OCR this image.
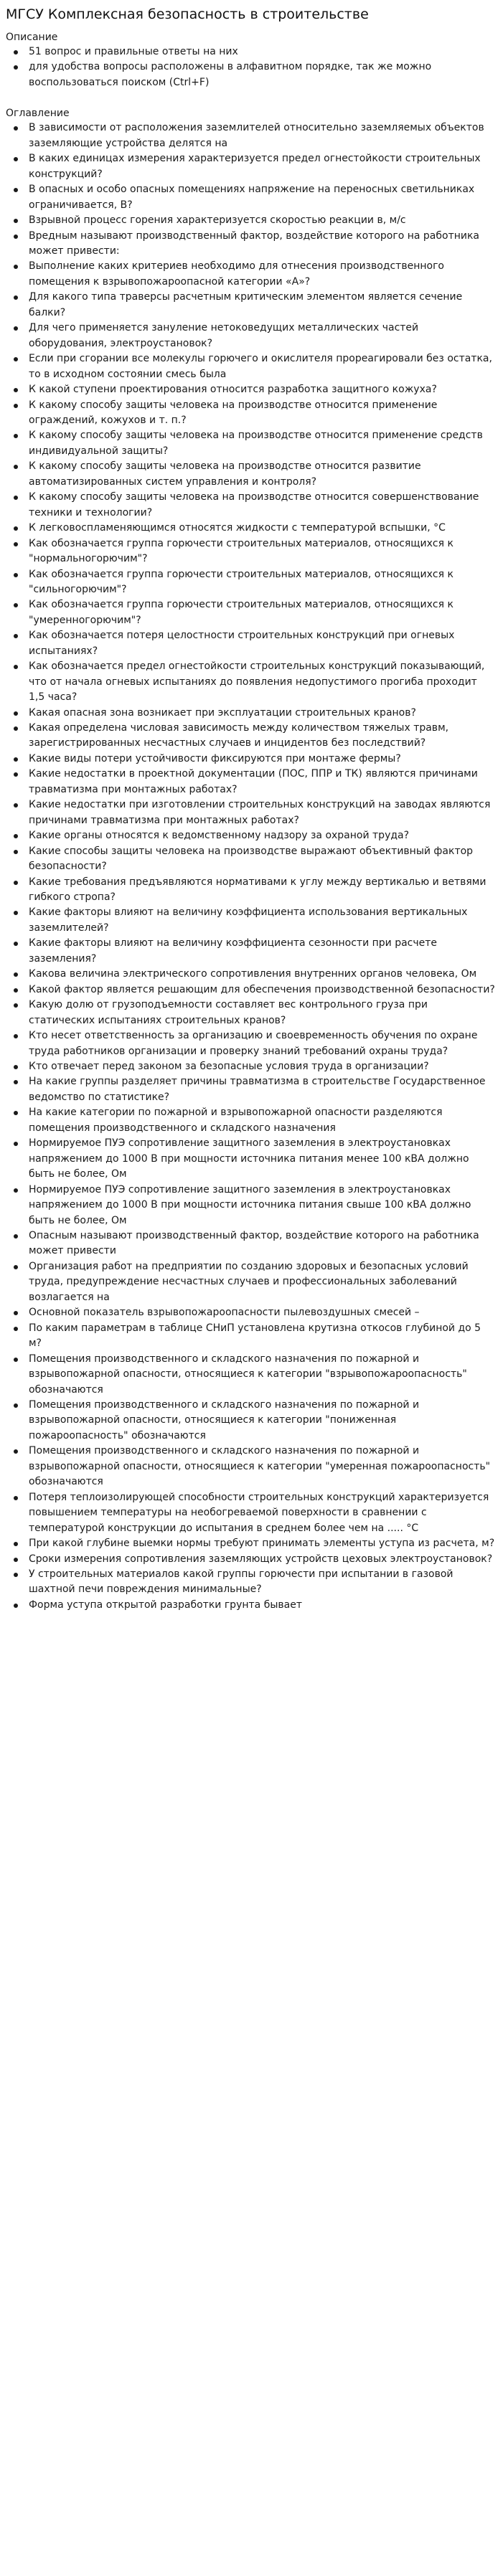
МГСУ Комплексная безопасность в строительстве

Описание

51 вопрос и правильные ответы на них
для удобства вопросы расположены в алфавитном порядке, так же можно воспользоваться поиском (Ctrl+F)

Оглавление

В зависимости от расположения заземлителей относительно заземляемых объектов заземляющие устройства делятся на
В каких единицах измерения характеризуется предел огнестойкости строительных конструкций?
В опасных и особо опасных помещениях напряжение на переносных светильниках ограничивается, В?
Взрывной процесс горения характеризуется скоростью реакции в, м/с
Вредным называют производственный фактор, воздействие которого на работника может привести:
Выполнение каких критериев необходимо для отнесения производственного помещения к взрывопожароопасной категории «А»?
Для какого типа траверсы расчетным критическим элементом является сечение балки?
Для чего применяется зануление нетоковедущих металлических частей оборудования, электроустановок?
Если при сгорании все молекулы горючего и окислителя прореагировали без остатка, то в исходном состоянии смесь была
К какой ступени проектирования относится разработка защитного кожуха?
К какому способу защиты человека на производстве относится применение ограждений, кожухов и т. п.?
К какому способу защиты человека на производстве относится применение средств индивидуальной защиты?
К какому способу защиты человека на производстве относится развитие автоматизированных систем управления и контроля?
К какому способу защиты человека на производстве относится совершенствование техники и технологии?
К легковоспламеняющимся относятся жидкости с температурой вспышки, °С
Как обозначается группа горючести строительных материалов, относящихся к "нормальногорючим"?
Как обозначается группа горючести строительных материалов, относящихся к "сильногорючим"?
Как обозначается группа горючести строительных материалов, относящихся к "умеренногорючим"?
Как обозначается потеря целостности строительных конструкций при огневых испытаниях?
Как обозначается предел огнестойкости строительных конструкций показывающий, что от начала огневых испытаниях до появления недопустимого прогиба проходит 1,5 часа?
Какая опасная зона возникает при эксплуатации строительных кранов?
Какая определена числовая зависимость между количеством тяжелых травм, зарегистрированных несчастных случаев и инцидентов без последствий?
Какие виды потери устойчивости фиксируются при монтаже фермы?
Какие недостатки в проектной документации (ПОС, ППР и ТК) являются причинами травматизма при монтажных работах?
Какие недостатки при изготовлении строительных конструкций на заводах являются причинами травматизма при монтажных работах?
Какие органы относятся к ведомственному надзору за охраной труда?
Какие способы защиты человека на производстве выражают объективный фактор безопасности?
Какие требования предъявляются нормативами к углу между вертикалью и ветвями гибкого стропа?
Какие факторы влияют на величину коэффициента использования вертикальных заземлителей?
Какие факторы влияют на величину коэффициента сезонности при расчете заземления?
Какова величина электрического сопротивления внутренних органов человека, Ом
Какой фактор является решающим для обеспечения производственной безопасности?
Какую долю от грузоподъемности составляет вес контрольного груза при статических испытаниях строительных кранов?
Кто несет ответственность за организацию и своевременность обучения по охране труда работников организации и проверку знаний требований охраны труда?
Кто отвечает перед законом за безопасные условия труда в организации?
На какие группы разделяет причины травматизма в строительстве Государственное ведомство по статистике?
На какие категории по пожарной и взрывопожарной опасности разделяются помещения производственного и складского назначения
Нормируемое ПУЭ сопротивление защитного заземления в электроустановках напряжением до 1000 В при мощности источника питания менее 100 кВА должно быть не более, Ом
Нормируемое ПУЭ сопротивление защитного заземления в электроустановках напряжением до 1000 В при мощности источника питания свыше 100 кВА должно быть не более, Ом
Опасным называют производственный фактор, воздействие которого на работника может привести
Организация работ на предприятии по созданию здоровых и безопасных условий труда, предупреждение несчастных случаев и профессиональных заболеваний возлагается на
Основной показатель взрывопожароопасности пылевоздушных смесей –
По каким параметрам в таблице СНиП установлена крутизна откосов глубиной до 5 м?
Помещения производственного и складского назначения по пожарной и взрывопожарной опасности, относящиеся к категории "взрывопожароопасность" обозначаются
Помещения производственного и складского назначения по пожарной и взрывопожарной опасности, относящиеся к категории "пониженная пожароопасность" обозначаются
Помещения производственного и складского назначения по пожарной и взрывопожарной опасности, относящиеся к категории "умеренная пожароопасность" обозначаются
Потеря теплоизолирующей способности строительных конструкций характеризуется повышением температуры на необогреваемой поверхности в сравнении с температурой конструкции до испытания в среднем более чем на ..... °С
При какой глубине выемки нормы требуют принимать элементы уступа из расчета, м?
Сроки измерения сопротивления заземляющих устройств цеховых электроустановок?
У строительных материалов какой группы горючести при испытании в газовой шахтной печи повреждения минимальные?
Форма уступа открытой разработки грунта бывает
